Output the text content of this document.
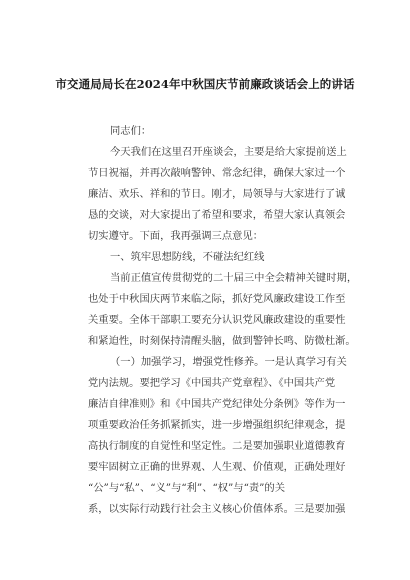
市交通局局长在2024年中秋国庆节前廉政谈话会上的讲话
同志们：
今天我们在这里召开座谈会，主要是给大家提前送上
节日祝福，并再次敲响警钟、常念纪律，确保大家过一个
廉洁、欢乐、祥和的节日。刚才，局领导与大家进行了诚
恳的交谈，对大家提出了希望和要求，希望大家认真领会
切实遵守。下面，我再强调三点意见：
一、筑牢思想防线，不碰法纪红线
当前正值宣传贯彻党的二十届三中全会精神关键时期，
也处于中秋国庆两节来临之际，抓好党风廉政建设工作至
关重要。全体干部职工要充分认识党风廉政建设的重要性
和紧迫性，时刻保持清醒头脑，做到警钟长鸣、防微杜渐。
（一）加强学习，增强党性修养。一是认真学习有关
党内法规。要把学习《中国共产党章程》、《中国共产党
廉洁自律准则》和《中国共产党纪律处分条例》等作为一
项重要政治任务抓紧抓实，进一步增强组织纪律观念，提
高执行制度的自觉性和坚定性。二是要加强职业道德教育
要牢固树立正确的世界观、人生观、价值观，正确处理好
“公”与“私”、“义”与“利”、“权”与“责”的关
系，以实际行动践行社会主义核心价值体系。三是要加强
